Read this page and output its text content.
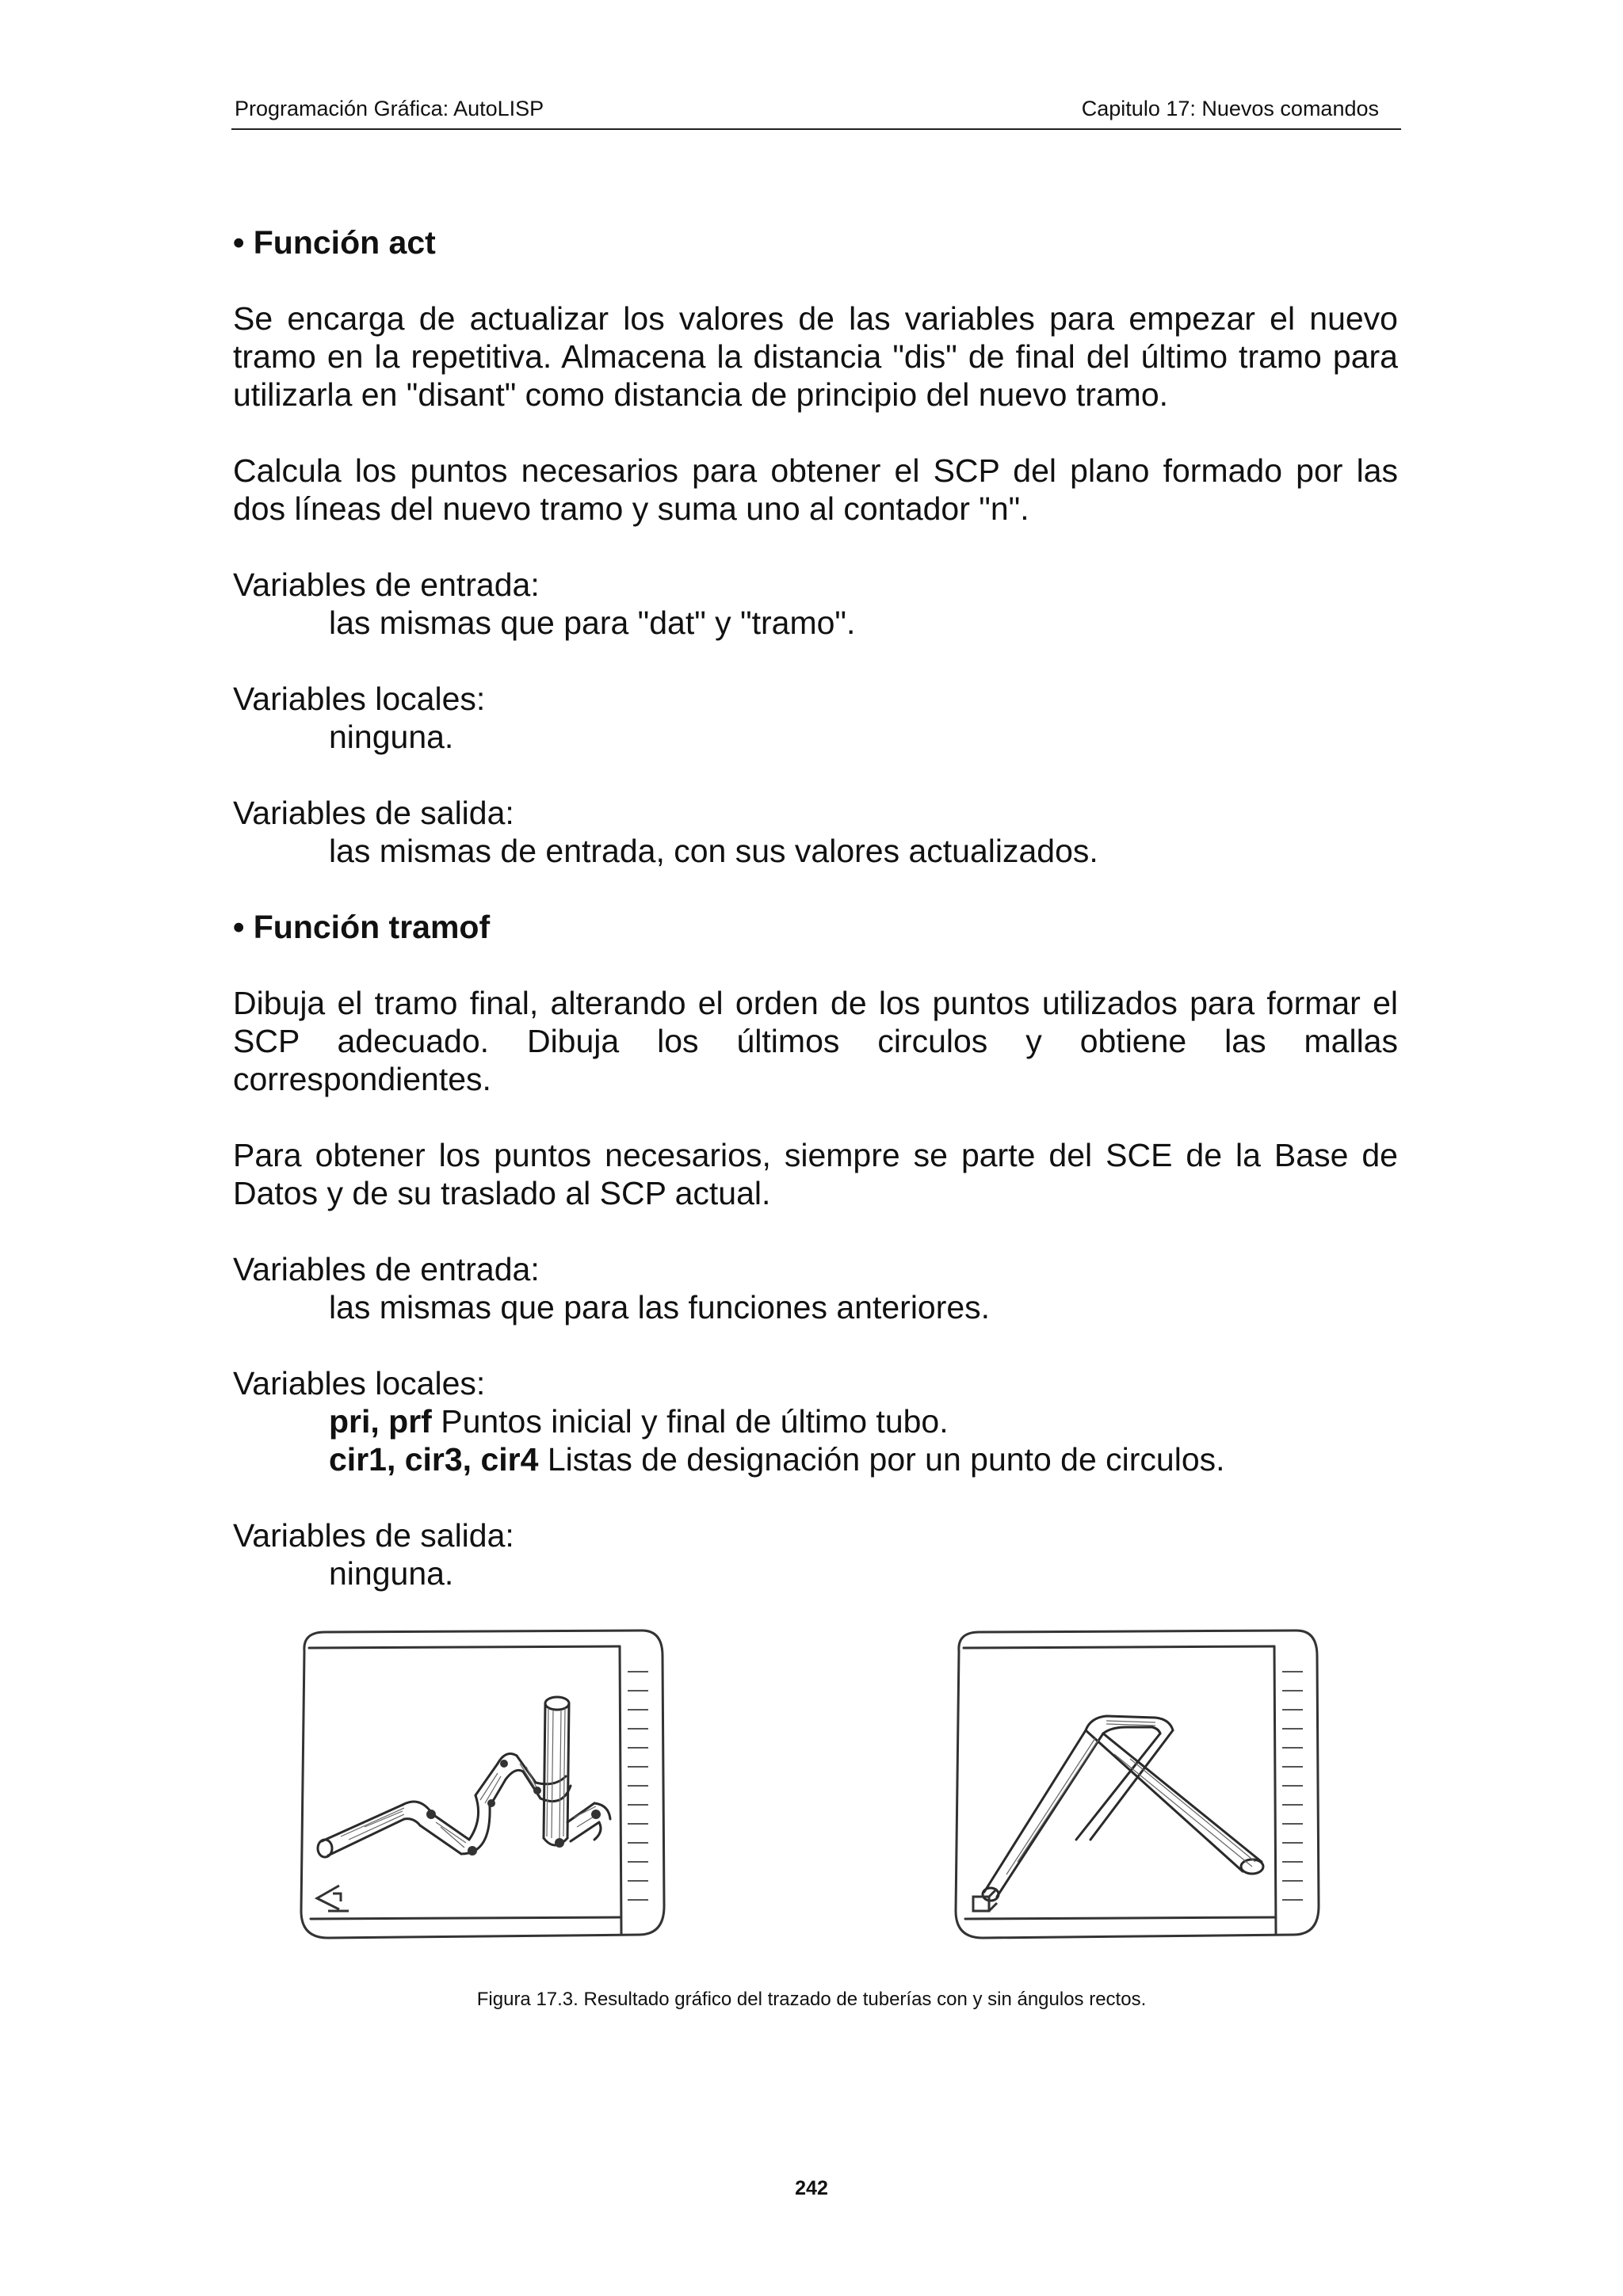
Programación Gráfica: AutoLISP	Capitulo 17: Nuevos comandos

• Función act

Se encarga de actualizar los valores de las variables para empezar el nuevo tramo en la repetitiva. Almacena la distancia "dis" de final del último tramo para utilizarla en "disant" como distancia de principio del nuevo tramo.

Calcula los puntos necesarios para obtener el SCP del plano formado por las dos líneas del nuevo tramo y suma uno al contador "n".

Variables de entrada:

las mismas que para "dat" y "tramo".

Variables locales:

ninguna.

Variables de salida:

las mismas de entrada, con sus valores actualizados.

• Función tramof

Dibuja el tramo final, alterando el orden de los puntos utilizados para formar el SCP adecuado. Dibuja los últimos circulos y obtiene las mallas correspondientes.

Para obtener los puntos necesarios, siempre se parte del SCE de la Base de Datos y de su traslado al SCP actual.

Variables de entrada:

las mismas que para las funciones anteriores.

Variables locales:

pri, prf Puntos inicial y final de último tubo.

cir1, cir3, cir4 Listas de designación por un punto de circulos.

Variables de salida:

ninguna.

Figura 17.3. Resultado gráfico del trazado de tuberías con y sin ángulos rectos.
242
